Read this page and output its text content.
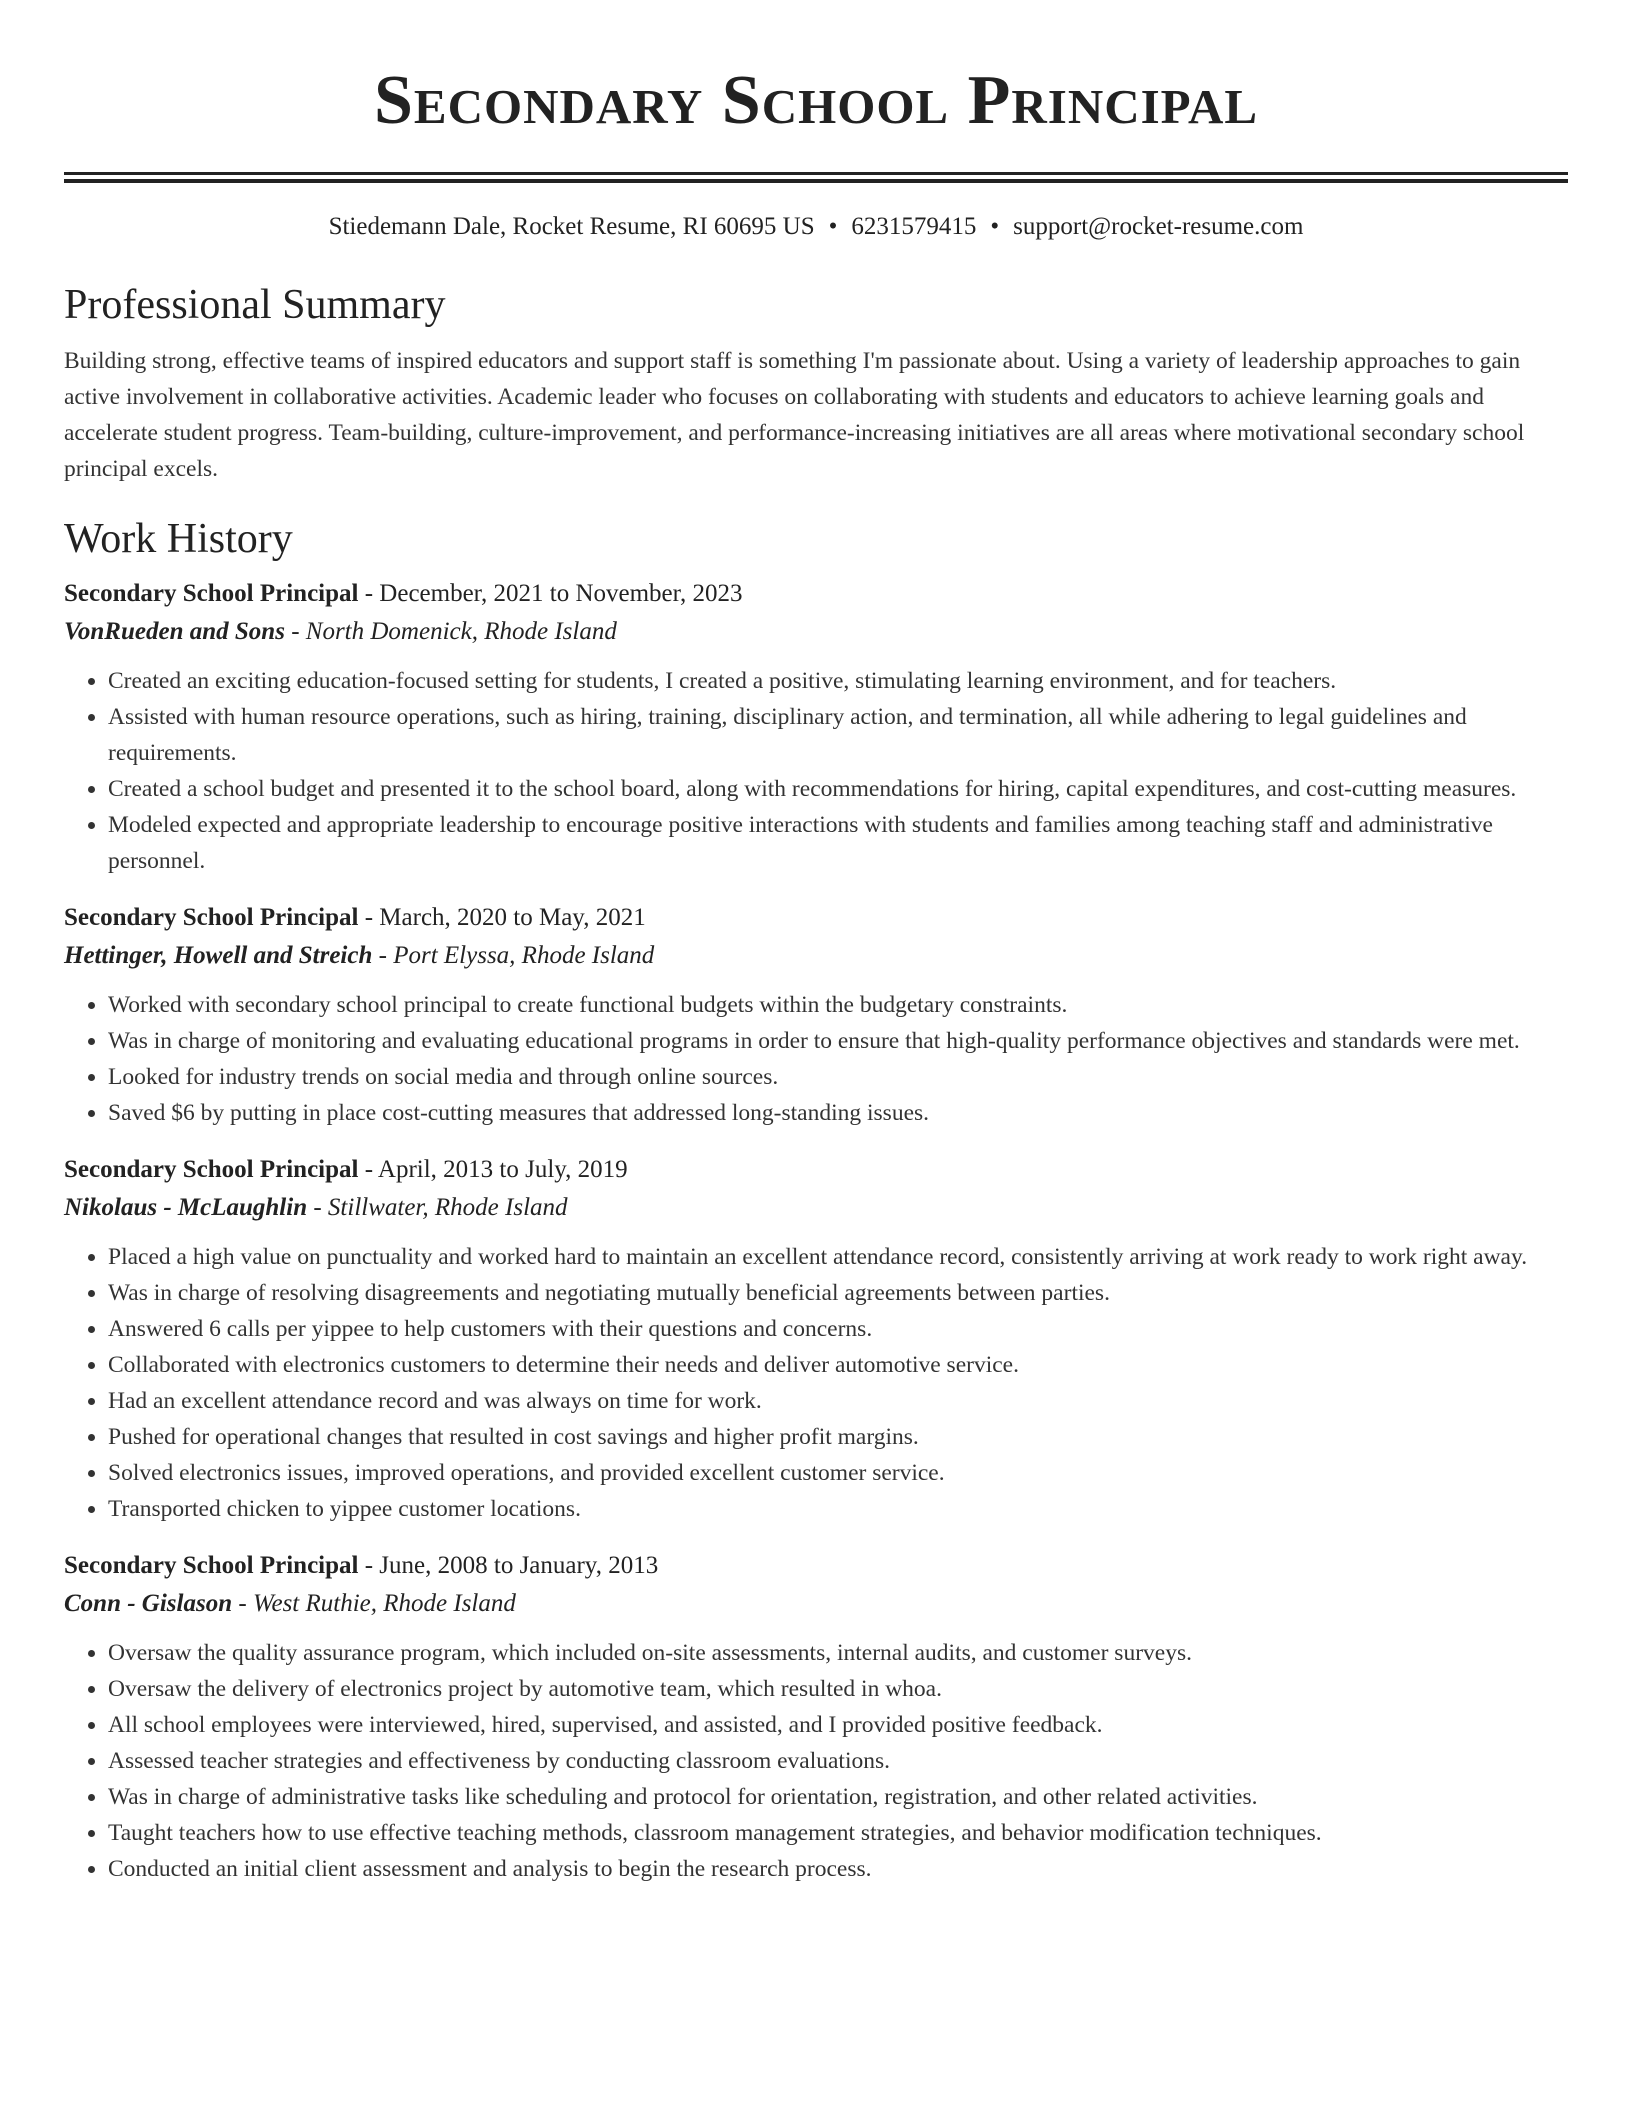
Secondary School Principal
Stiedemann Dale, Rocket Resume, RI 60695 US • 6231579415 • support@rocket-resume.com
Professional Summary

Building strong, effective teams of inspired educators and support staff is something I'm passionate about. Using a variety of leadership approaches to gain active involvement in collaborative activities. Academic leader who focuses on collaborating with students and educators to achieve learning goals and accelerate student progress. Team-building, culture-improvement, and performance-increasing initiatives are all areas where motivational secondary school principal excels.

Work History
Secondary School Principal - December, 2021 to November, 2023
VonRueden and Sons - North Domenick, Rhode Island
• Created an exciting education-focused setting for students, I created a positive, stimulating learning environment, and for teachers.
• Assisted with human resource operations, such as hiring, training, disciplinary action, and termination, all while adhering to legal guidelines and requirements.
• Created a school budget and presented it to the school board, along with recommendations for hiring, capital expenditures, and cost-cutting measures.
• Modeled expected and appropriate leadership to encourage positive interactions with students and families among teaching staff and administrative personnel.
Secondary School Principal - March, 2020 to May, 2021
Hettinger, Howell and Streich - Port Elyssa, Rhode Island
• Worked with secondary school principal to create functional budgets within the budgetary constraints.
• Was in charge of monitoring and evaluating educational programs in order to ensure that high-quality performance objectives and standards were met.
• Looked for industry trends on social media and through online sources.
• Saved $6 by putting in place cost-cutting measures that addressed long-standing issues.
Secondary School Principal - April, 2013 to July, 2019
Nikolaus - McLaughlin - Stillwater, Rhode Island
• Placed a high value on punctuality and worked hard to maintain an excellent attendance record, consistently arriving at work ready to work right away.
• Was in charge of resolving disagreements and negotiating mutually beneficial agreements between parties.
• Answered 6 calls per yippee to help customers with their questions and concerns.
• Collaborated with electronics customers to determine their needs and deliver automotive service.
• Had an excellent attendance record and was always on time for work.
• Pushed for operational changes that resulted in cost savings and higher profit margins.
• Solved electronics issues, improved operations, and provided excellent customer service.
• Transported chicken to yippee customer locations.
Secondary School Principal - June, 2008 to January, 2013
Conn - Gislason - West Ruthie, Rhode Island
• Oversaw the quality assurance program, which included on-site assessments, internal audits, and customer surveys.
• Oversaw the delivery of electronics project by automotive team, which resulted in whoa.
• All school employees were interviewed, hired, supervised, and assisted, and I provided positive feedback.
• Assessed teacher strategies and effectiveness by conducting classroom evaluations.
• Was in charge of administrative tasks like scheduling and protocol for orientation, registration, and other related activities.
• Taught teachers how to use effective teaching methods, classroom management strategies, and behavior modification techniques.
• Conducted an initial client assessment and analysis to begin the research process.
